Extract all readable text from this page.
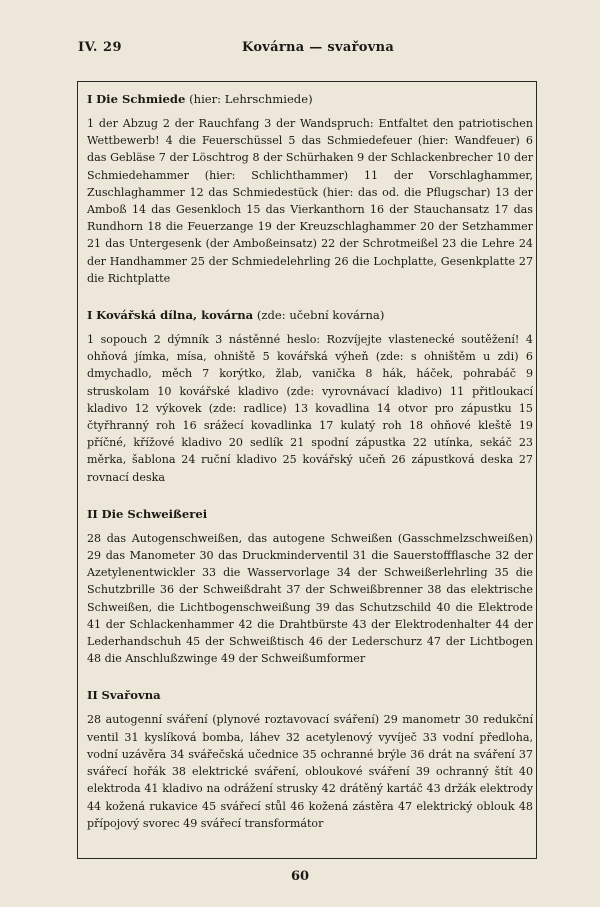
IV. 29	Kovárna — svařovna
I Die Schmiede (hier: Lehrschmiede)

1 der Abzug 2 der Rauchfang 3 der Wandspruch: Entfaltet den patriotischen Wettbewerb! 4 die Feuerschüssel 5 das Schmiedefeuer (hier: Wandfeuer) 6 das Gebläse 7 der Löschtrog 8 der Schürhaken 9 der Schlackenbrecher 10 der Schmiedehammer (hier: Schlichthammer) 11 der Vorschlaghammer, Zuschlaghammer 12 das Schmiedestück (hier: das od. die Pflugschar) 13 der Amboß 14 das Gesenkloch 15 das Vierkanthorn 16 der Stauchansatz 17 das Rundhorn 18 die Feuerzange 19 der Kreuzschlaghammer 20 der Setzhammer 21 das Untergesenk (der Amboßeinsatz) 22 der Schrotmeißel 23 die Lehre 24 der Handhammer 25 der Schmiedelehrling 26 die Lochplatte, Gesenkplatte 27 die Richtplatte

I Kovářská dílna, kovárna (zde: učební kovárna)

1 sopouch 2 dýmník 3 nástěnné heslo: Rozvíjejte vlastenecké soutěžení! 4 ohňová jímka, mísa, ohniště 5 kovářská výheň (zde: s ohništěm u zdi) 6 dmychadlo, měch 7 korýtko, žlab, vanička 8 hák, háček, pohrabáč 9 struskolam 10 kovářské kladivo (zde: vyrovnávací kladivo) 11 přitloukací kladivo 12 výkovek (zde: radlice) 13 kovadlina 14 otvor pro zápustku 15 čtyřhranný roh 16 srážecí kovadlinka 17 kulatý roh 18 ohňové kleště 19 příčné, křížové kladivo 20 sedlík 21 spodní zápustka 22 utínka, sekáč 23 měrka, šablona 24 ruční kladivo 25 kovářský učeň 26 zápustková deska 27 rovnací deska

II Die Schweißerei

28 das Autogenschweißen, das autogene Schweißen (Gasschmelzschweißen) 29 das Manometer 30 das Druckminderventil 31 die Sauerstoffflasche 32 der Azetylenentwickler 33 die Wasservorlage 34 der Schweißerlehrling 35 die Schutzbrille 36 der Schweißdraht 37 der Schweißbrenner 38 das elektrische Schweißen, die Lichtbogenschweißung 39 das Schutzschild 40 die Elektrode 41 der Schlackenhammer 42 die Drahtbürste 43 der Elektrodenhalter 44 der Lederhandschuh 45 der Schweißtisch 46 der Lederschurz 47 der Lichtbogen 48 die Anschlußzwinge 49 der Schweißumformer

II Svařovna

28 autogenní sváření (plynové roztavovací sváření) 29 manometr 30 redukční ventil 31 kyslíková bomba, láhev 32 acetylenový vyvíječ 33 vodní předloha, vodní uzávěra 34 svářečská učednice 35 ochranné brýle 36 drát na sváření 37 svářecí hořák 38 elektrické sváření, obloukové sváření 39 ochranný štít 40 elektroda 41 kladivo na odrážení strusky 42 drátěný kartáč 43 držák elektrody 44 kožená rukavice 45 svářecí stůl 46 kožená zástěra 47 elektrický oblouk 48 přípojový svorec 49 svářecí transformátor

60
